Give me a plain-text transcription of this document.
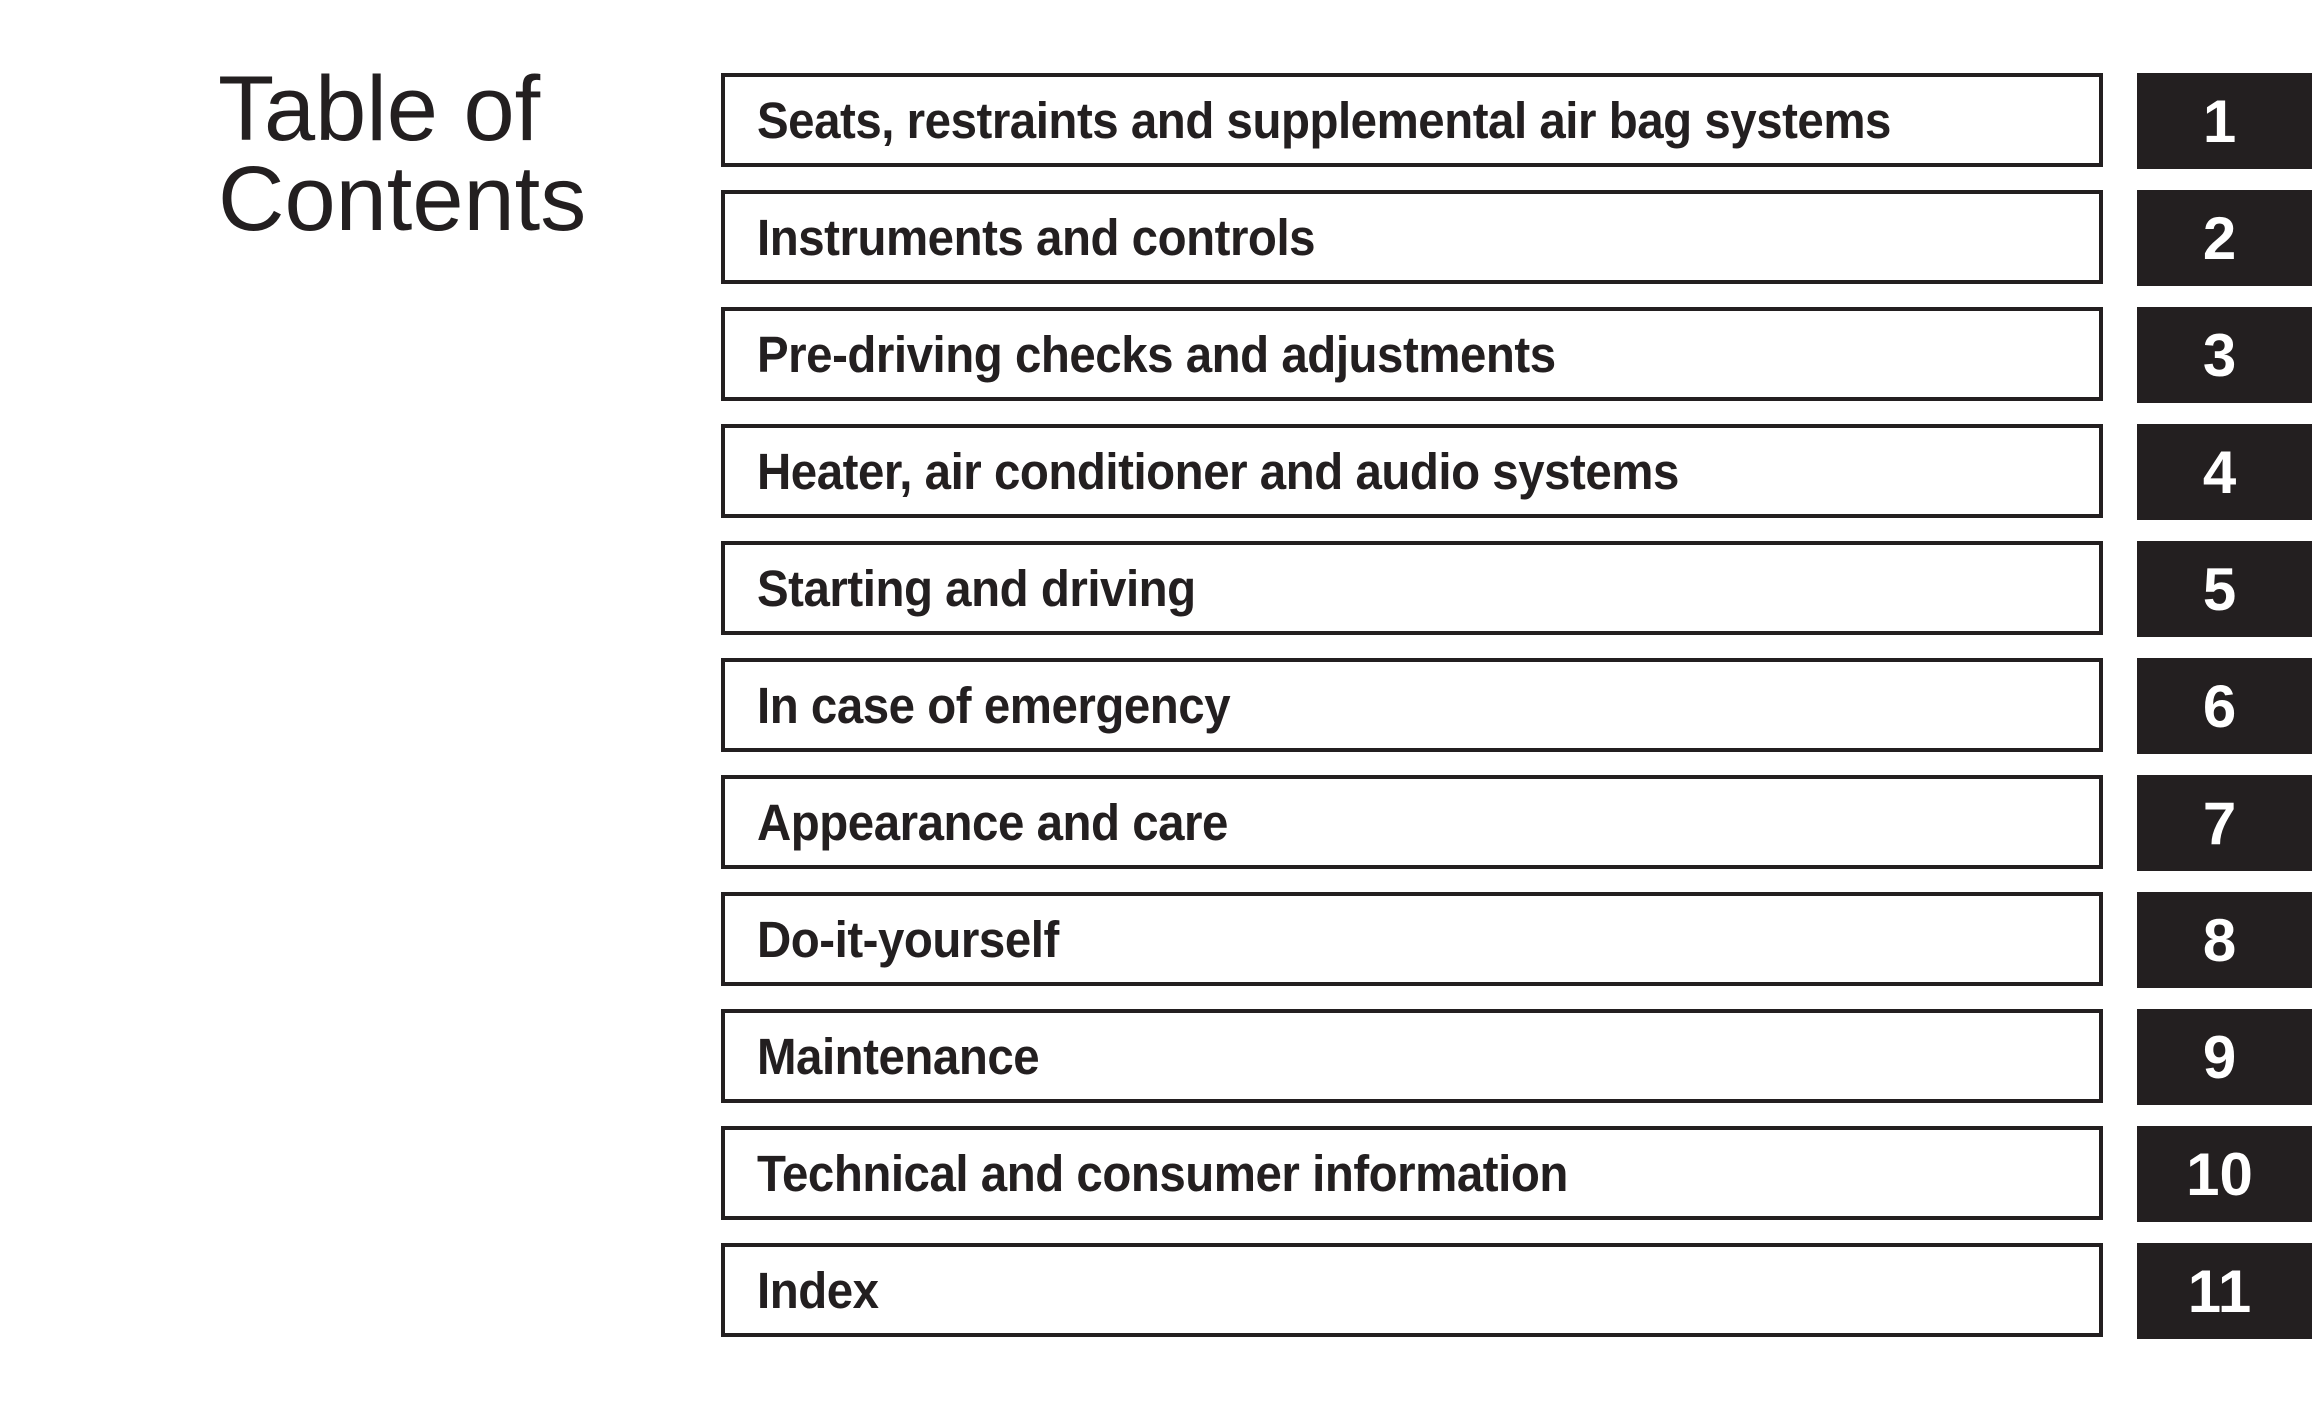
Table of
Contents
Seats, restraints and supplemental air bag systems	1
Instruments and controls	2
Pre-driving checks and adjustments	3
Heater, air conditioner and audio systems	4
Starting and driving	5
In case of emergency	6
Appearance and care	7
Do-it-yourself	8
Maintenance	9
Technical and consumer information	10
Index	11
